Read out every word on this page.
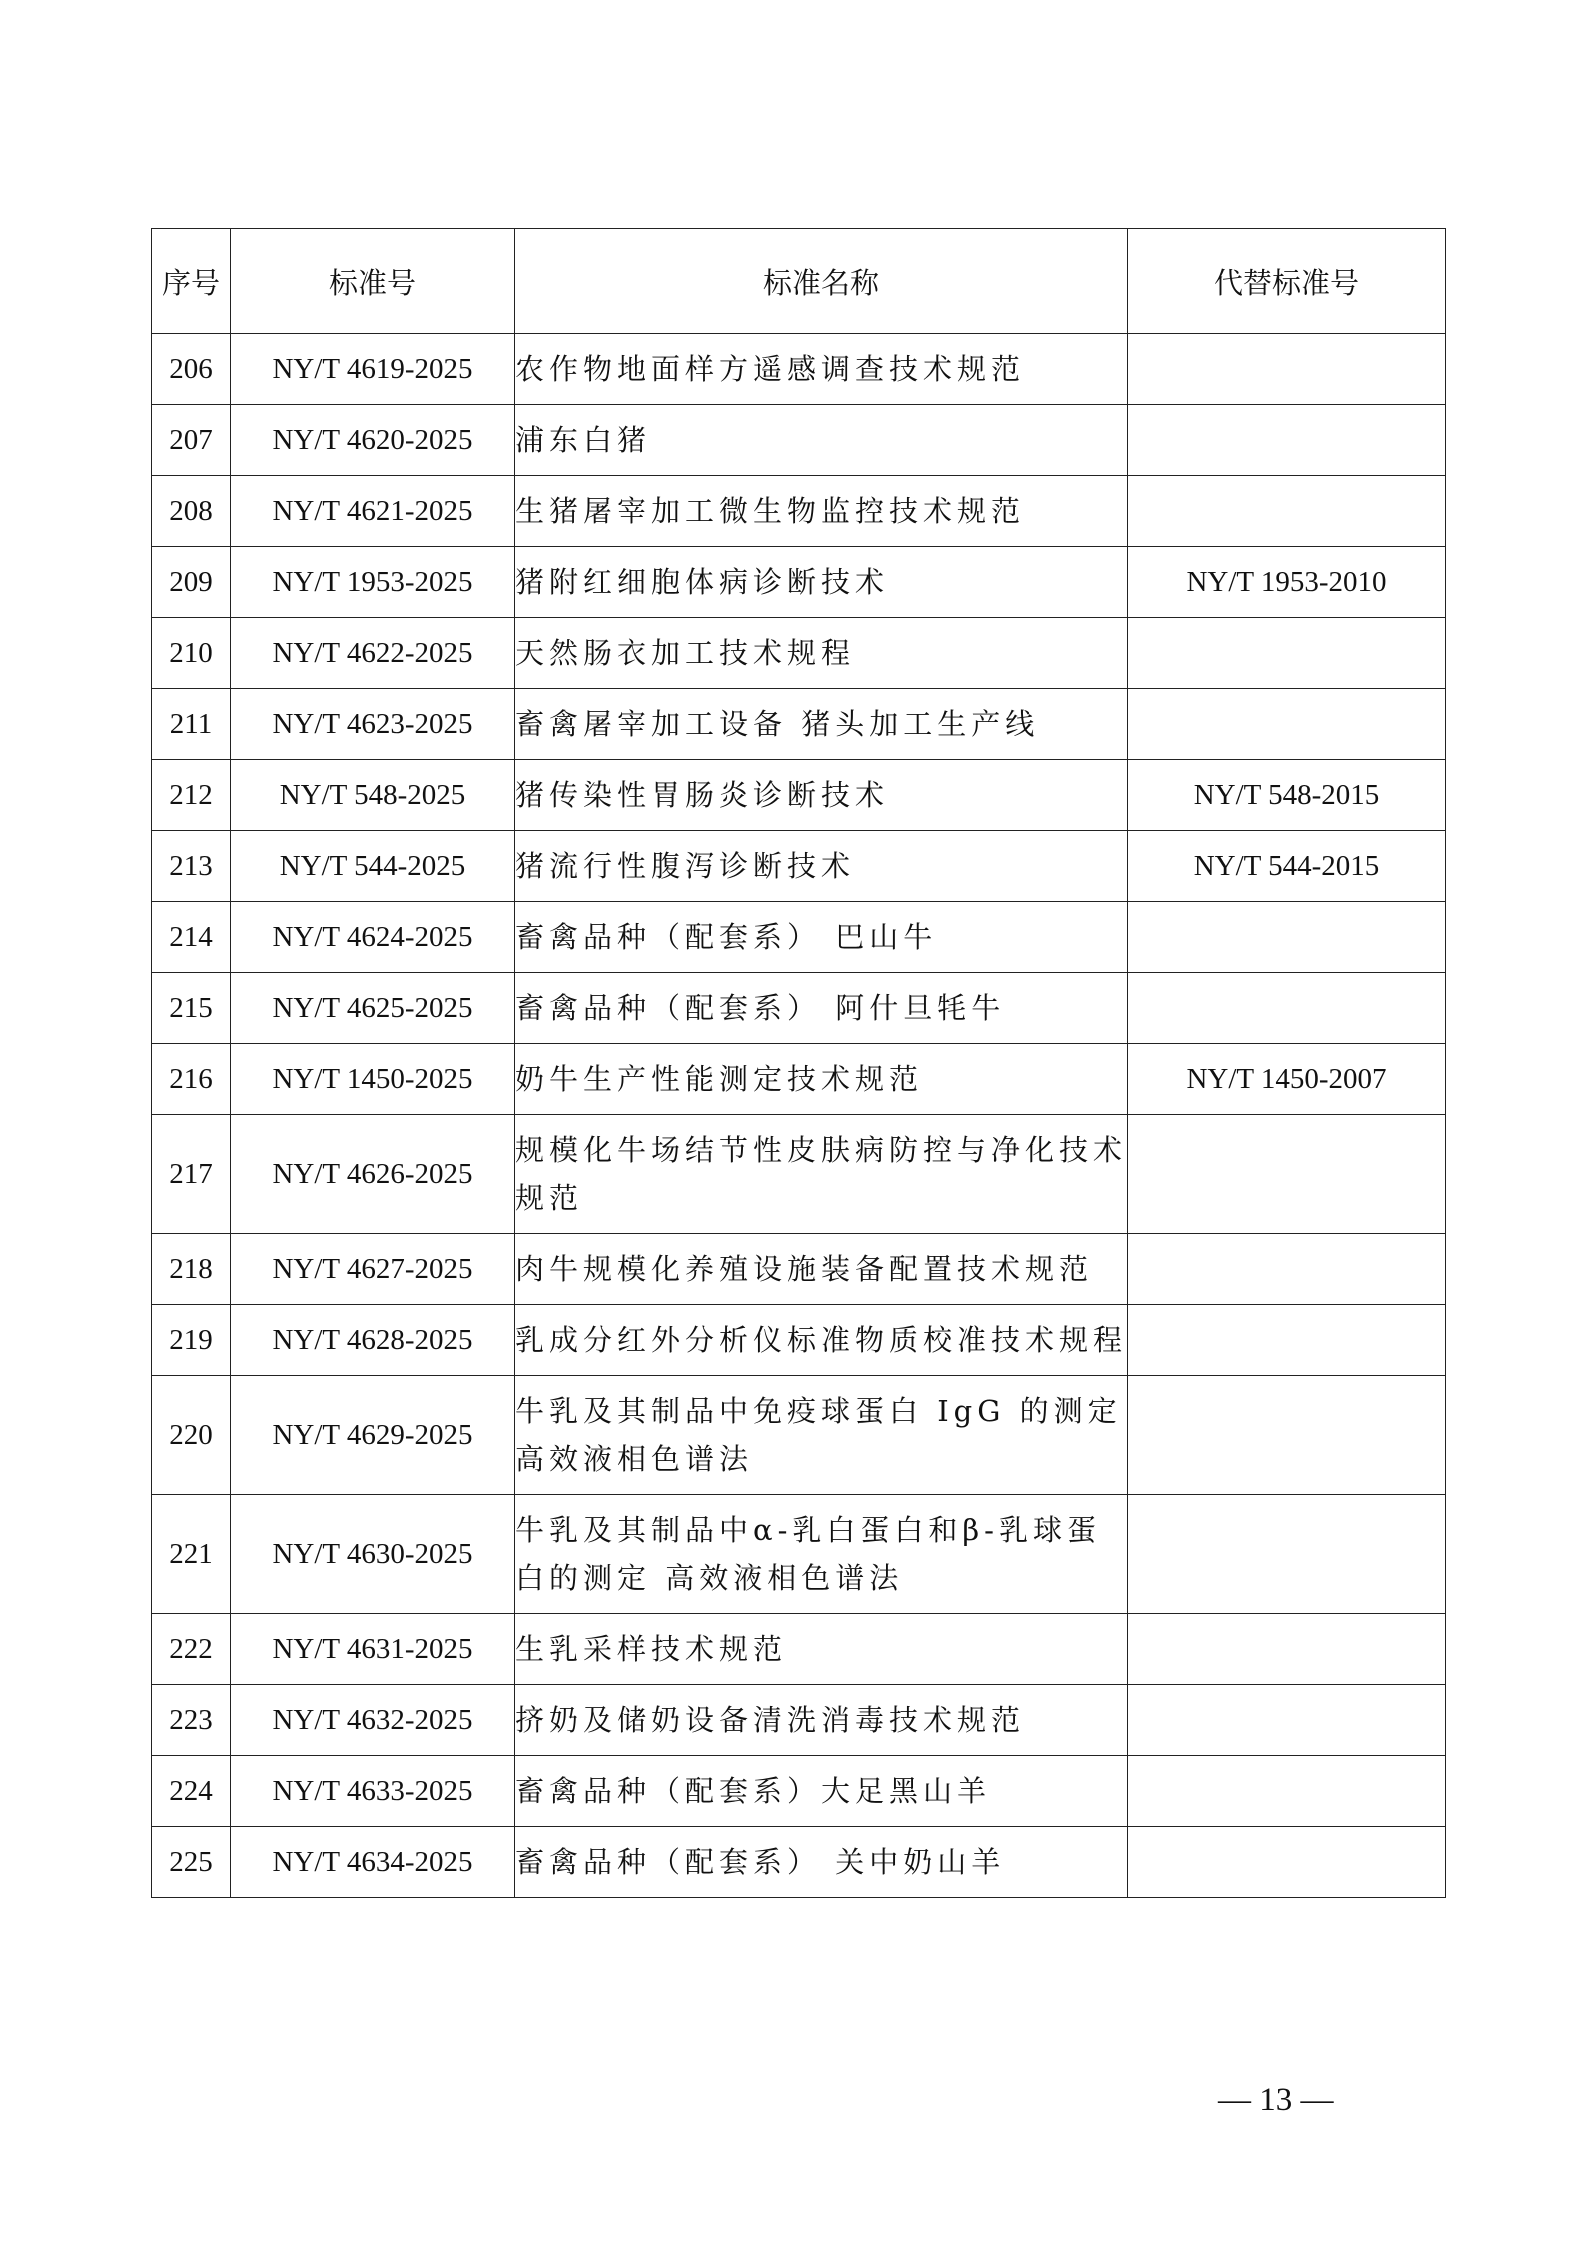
序号	标准号	标准名称	代替标准号
206	NY/T 4619-2025	农作物地面样方遥感调查技术规范	
207	NY/T 4620-2025	浦东白猪	
208	NY/T 4621-2025	生猪屠宰加工微生物监控技术规范	
209	NY/T 1953-2025	猪附红细胞体病诊断技术	NY/T 1953-2010
210	NY/T 4622-2025	天然肠衣加工技术规程	
211	NY/T 4623-2025	畜禽屠宰加工设备 猪头加工生产线	
212	NY/T 548-2025	猪传染性胃肠炎诊断技术	NY/T 548-2015
213	NY/T 544-2025	猪流行性腹泻诊断技术	NY/T 544-2015
214	NY/T 4624-2025	畜禽品种（配套系） 巴山牛	
215	NY/T 4625-2025	畜禽品种（配套系） 阿什旦牦牛	
216	NY/T 1450-2025	奶牛生产性能测定技术规范	NY/T 1450-2007
217	NY/T 4626-2025	规模化牛场结节性皮肤病防控与净化技术规范	
218	NY/T 4627-2025	肉牛规模化养殖设施装备配置技术规范	
219	NY/T 4628-2025	乳成分红外分析仪标准物质校准技术规程	
220	NY/T 4629-2025	牛乳及其制品中免疫球蛋白 IgG 的测定 高效液相色谱法	
221	NY/T 4630-2025	牛乳及其制品中α-乳白蛋白和β-乳球蛋白的测定 高效液相色谱法	
222	NY/T 4631-2025	生乳采样技术规范	
223	NY/T 4632-2025	挤奶及储奶设备清洗消毒技术规范	
224	NY/T 4633-2025	畜禽品种（配套系）大足黑山羊	
225	NY/T 4634-2025	畜禽品种（配套系） 关中奶山羊	
— 13 —
